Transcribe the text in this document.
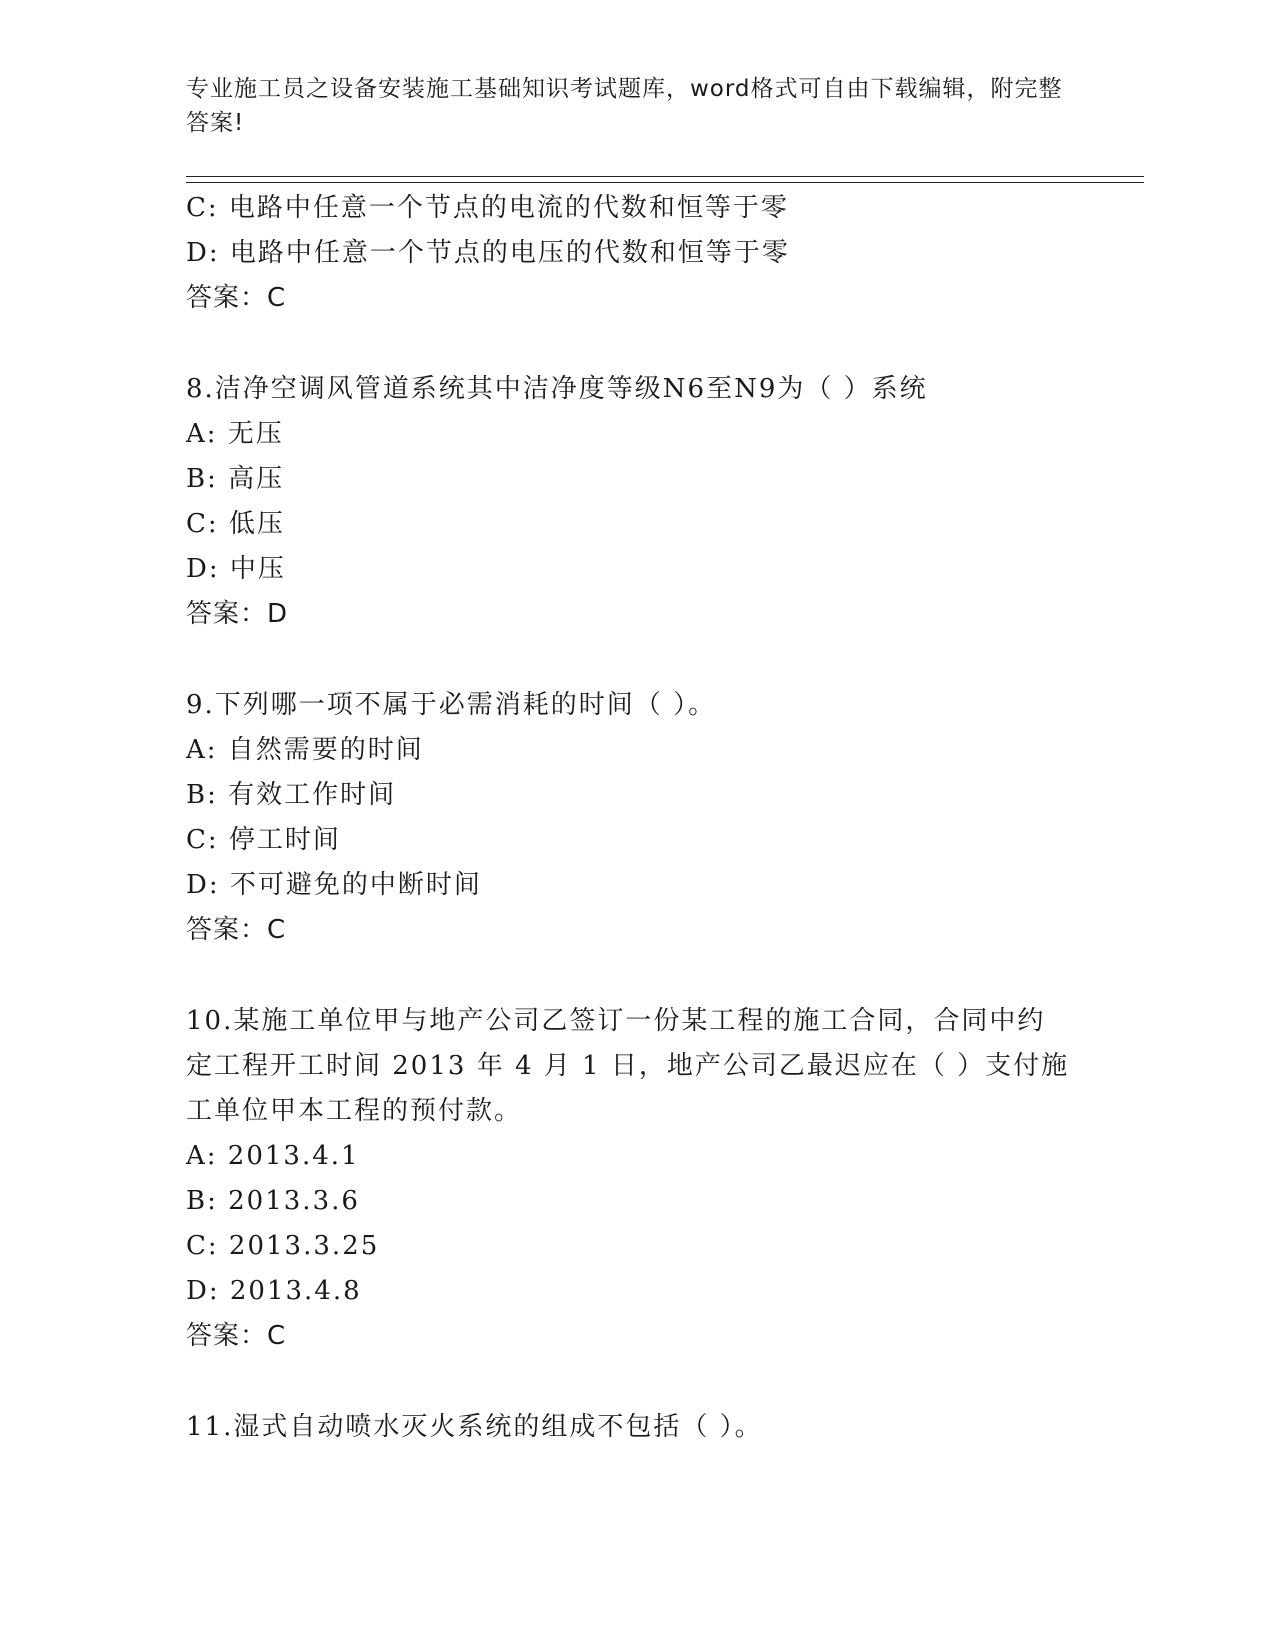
专业施工员之设备安装施工基础知识考试题库，word格式可自由下载编辑，附完整答案!
C: 电路中任意一个节点的电流的代数和恒等于零
D: 电路中任意一个节点的电压的代数和恒等于零
答案：C
8.洁净空调风管道系统其中洁净度等级N6至N9为（ ）系统
A: 无压
B: 高压
C: 低压
D: 中压
答案：D
9.下列哪一项不属于必需消耗的时间（ ）。
A: 自然需要的时间
B: 有效工作时间
C: 停工时间
D: 不可避免的中断时间
答案：C
10.某施工单位甲与地产公司乙签订一份某工程的施工合同，合同中约
定工程开工时间 2013 年 4 月 1 日，地产公司乙最迟应在（ ）支付施
工单位甲本工程的预付款。
A: 2013.4.1
B: 2013.3.6
C: 2013.3.25
D: 2013.4.8
答案：C
11.湿式自动喷水灭火系统的组成不包括（ ）。
